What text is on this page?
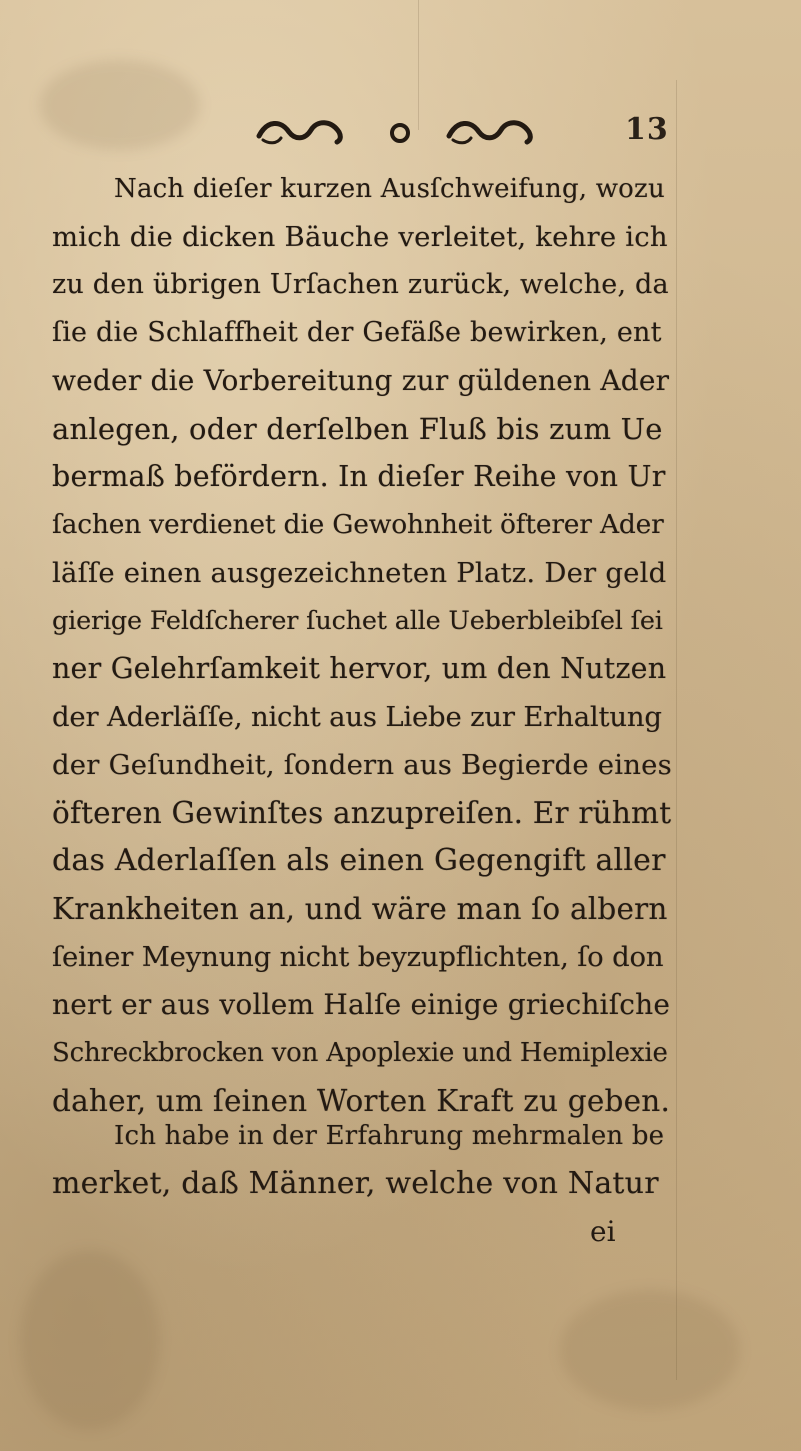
13
Nach dieſer kurzen Ausſchweifung, wozu
mich die dicken Bäuche verleitet, kehre ich
zu den übrigen Urſachen zurück, welche, da
ſie die Schlaffheit der Gefäße bewirken, ent
weder die Vorbereitung zur güldenen Ader
anlegen, oder derſelben Fluß bis zum Ue
bermaß befördern. In dieſer Reihe von Ur
ſachen verdienet die Gewohnheit öfterer Ader
läſſe einen ausgezeichneten Platz. Der geld
gierige Feldſcherer ſuchet alle Ueberbleibſel ſei
ner Gelehrſamkeit hervor, um den Nutzen
der Aderläſſe, nicht aus Liebe zur Erhaltung
der Geſundheit, ſondern aus Begierde eines
öfteren Gewinſtes anzupreiſen. Er rühmt
das Aderlaſſen als einen Gegengift aller
Krankheiten an, und wäre man ſo albern
ſeiner Meynung nicht beyzupflichten, ſo don
nert er aus vollem Halſe einige griechiſche
Schreckbrocken von Apoplexie und Hemiplexie
daher, um ſeinen Worten Kraft zu geben.
Ich habe in der Erfahrung mehrmalen be
merket, daß Männer, welche von Natur
ei
